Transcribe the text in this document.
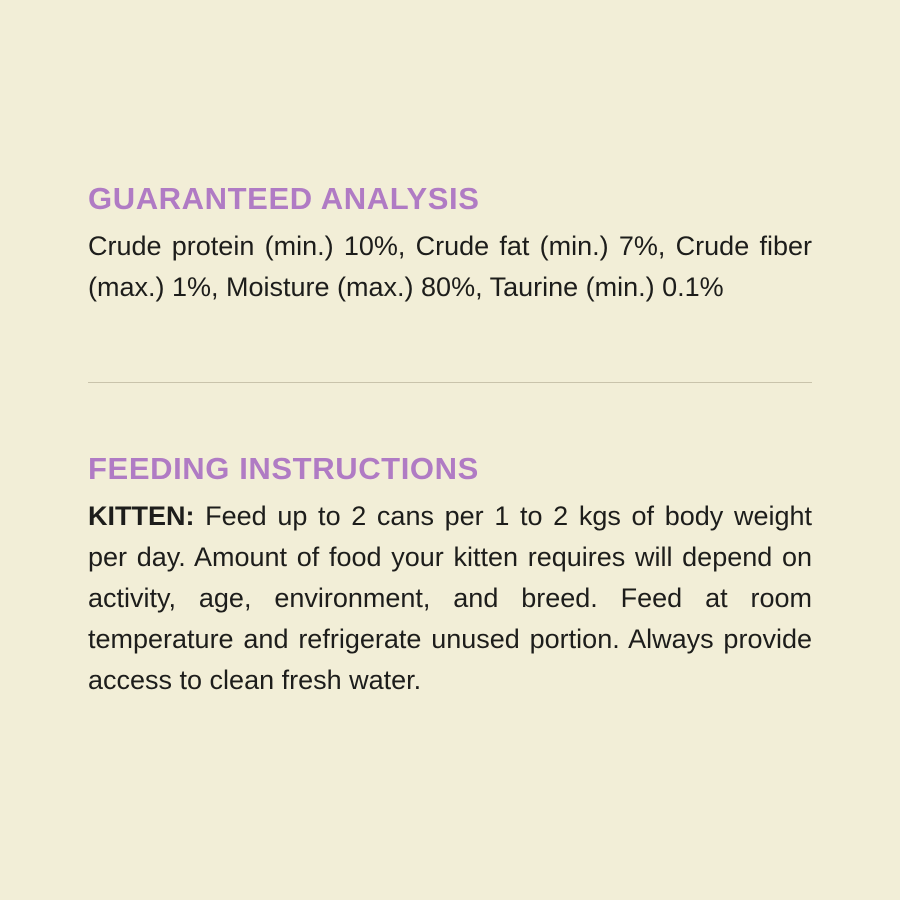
GUARANTEED ANALYSIS

Crude protein (min.) 10%, Crude fat (min.) 7%, Crude fiber (max.) 1%, Moisture (max.) 80%, Taurine (min.) 0.1%

FEEDING INSTRUCTIONS

KITTEN: Feed up to 2 cans per 1 to 2 kgs of body weight per day. Amount of food your kitten requires will depend on activity, age, environment, and breed. Feed at room temperature and refrigerate unused portion. Always provide access to clean fresh water.
